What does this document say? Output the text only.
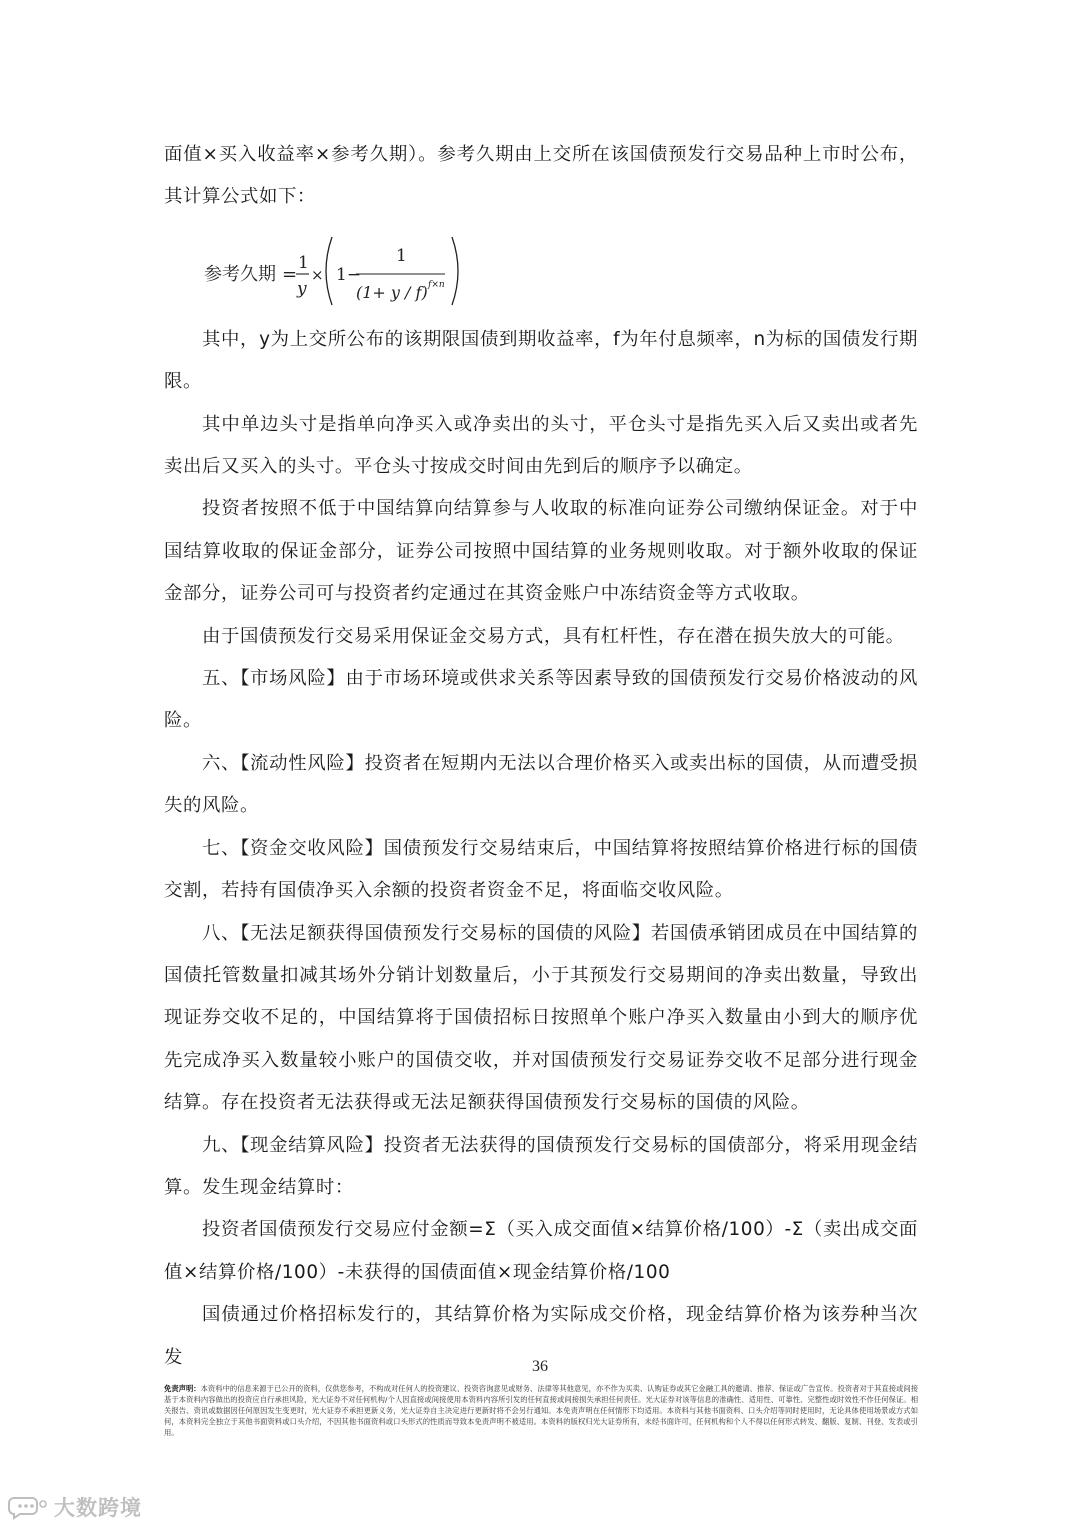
面值×买入收益率×参考久期）。参考久期由上交所在该国债预发行交易品种上市时公布，其计算公式如下：

参考久期 =
1
y
× 1−
1
(1+ y / f) f×n

其中，y为上交所公布的该期限国债到期收益率，f为年付息频率，n为标的国债发行期限。

其中单边头寸是指单向净买入或净卖出的头寸，平仓头寸是指先买入后又卖出或者先卖出后又买入的头寸。平仓头寸按成交时间由先到后的顺序予以确定。

投资者按照不低于中国结算向结算参与人收取的标准向证券公司缴纳保证金。对于中国结算收取的保证金部分，证券公司按照中国结算的业务规则收取。对于额外收取的保证金部分，证券公司可与投资者约定通过在其资金账户中冻结资金等方式收取。

由于国债预发行交易采用保证金交易方式，具有杠杆性，存在潜在损失放大的可能。

五、【市场风险】由于市场环境或供求关系等因素导致的国债预发行交易价格波动的风险。

六、【流动性风险】投资者在短期内无法以合理价格买入或卖出标的国债，从而遭受损失的风险。

七、【资金交收风险】国债预发行交易结束后，中国结算将按照结算价格进行标的国债交割，若持有国债净买入余额的投资者资金不足，将面临交收风险。

八、【无法足额获得国债预发行交易标的国债的风险】若国债承销团成员在中国结算的国债托管数量扣减其场外分销计划数量后，小于其预发行交易期间的净卖出数量，导致出现证券交收不足的，中国结算将于国债招标日按照单个账户净买入数量由小到大的顺序优先完成净买入数量较小账户的国债交收，并对国债预发行交易证券交收不足部分进行现金结算。存在投资者无法获得或无法足额获得国债预发行交易标的国债的风险。

九、【现金结算风险】投资者无法获得的国债预发行交易标的国债部分，将采用现金结算。发生现金结算时：

投资者国债预发行交易应付金额=Σ（买入成交面值×结算价格/100）-Σ（卖出成交面值×结算价格/100）-未获得的国债面值×现金结算价格/100

国债通过价格招标发行的，其结算价格为实际成交价格，现金结算价格为该券种当次发	36
免责声明：本资料中的信息来源于已公开的资料，仅供您参考，不构成对任何人的投资建议、投资咨询意见或财务、法律等其他意见，亦不作为买卖、认购证券或其它金融工具的邀请、推荐、保证或广告宣传。投资者对于其直接或间接基于本资料内容做出的投资应自行承担风险，光大证券不对任何机构/个人因直接或间接使用本资料内容所引发的任何直接或间接损失承担任何责任。光大证券对该等信息的准确性、适用性、可靠性、完整性或时效性不作任何保证。相关报告、资讯或数据因任何原因发生变更时，光大证券不承担更新义务，光大证券自主决定进行更新时将不会另行通知。本免责声明在任何情形下均适用。本资料与其他书面资料、口头介绍等同时使用时，无论具体使用场景或方式如何，本资料完全独立于其他书面资料或口头介绍，不因其他书面资料或口头形式的性质而导致本免责声明不被适用。本资料的版权归光大证券所有，未经书面许可，任何机构和个人不得以任何形式转发、翻版、复制、刊登、发表或引用。
大数跨境
